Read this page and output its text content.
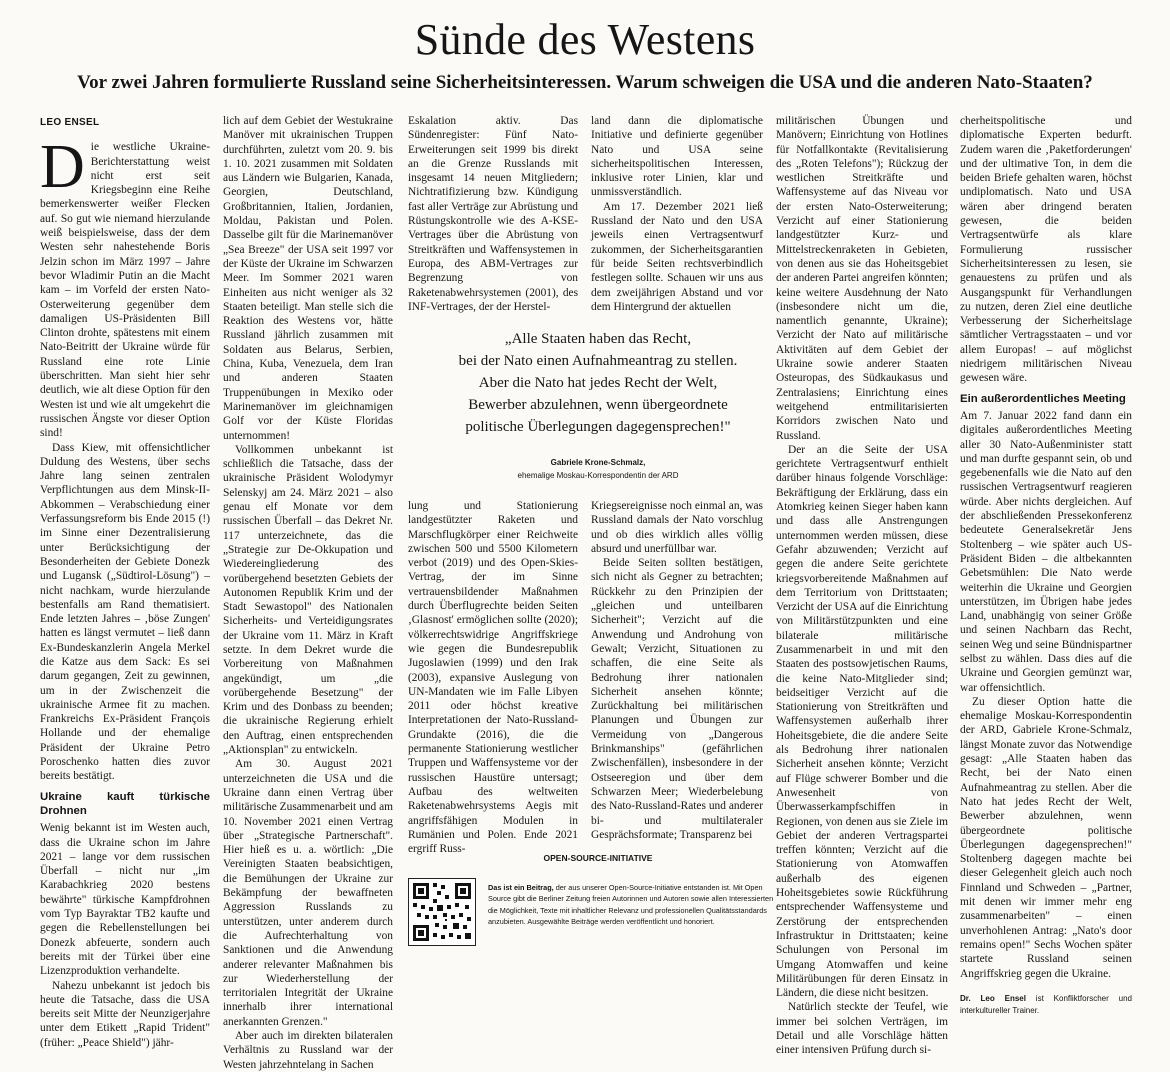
Sünde des Westens
Vor zwei Jahren formulierte Russland seine Sicherheitsinteressen. Warum schweigen die USA und die anderen Nato-Staaten?
LEO ENSEL

Die westliche Ukraine-Berichterstattung weist nicht erst seit Kriegsbeginn eine Reihe bemerkenswerter weißer Flecken auf. So gut wie niemand hierzulande weiß beispielsweise, dass der dem Westen sehr nahestehende Boris Jelzin schon im März 1997 – Jahre bevor Wladimir Putin an die Macht kam – im Vorfeld der ersten Nato-Osterweiterung gegenüber dem damaligen US-Präsidenten Bill Clinton drohte, spätestens mit einem Nato-Beitritt der Ukraine würde für Russland eine rote Linie überschritten. Man sieht hier sehr deutlich, wie alt diese Option für den Westen ist und wie alt umgekehrt die russischen Ängste vor dieser Option sind!

Dass Kiew, mit offensichtlicher Duldung des Westens, über sechs Jahre lang seinen zentralen Verpflichtungen aus dem Minsk-II-Abkommen – Verabschiedung einer Verfassungsreform bis Ende 2015 (!) im Sinne einer Dezentralisierung unter Berücksichtigung der Besonderheiten der Gebiete Donezk und Lugansk („Südtirol-Lösung") – nicht nachkam, wurde hierzulande bestenfalls am Rand thematisiert. Ende letzten Jahres – ‚böse Zungen' hatten es längst vermutet – ließ dann Ex-Bundeskanzlerin Angela Merkel die Katze aus dem Sack: Es sei darum gegangen, Zeit zu gewinnen, um in der Zwischenzeit die ukrainische Armee fit zu machen. Frankreichs Ex-Präsident François Hollande und der ehemalige Präsident der Ukraine Petro Poroschenko hatten dies zuvor bereits bestätigt.

Ukraine kauft türkische Drohnen

Wenig bekannt ist im Westen auch, dass die Ukraine schon im Jahre 2021 – lange vor dem russischen Überfall – nicht nur „im Karabachkrieg 2020 bestens bewährte" türkische Kampfdrohnen vom Typ Bayraktar TB2 kaufte und gegen die Rebellenstellungen bei Donezk abfeuerte, sondern auch bereits mit der Türkei über eine Lizenzproduktion verhandelte.

Nahezu unbekannt ist jedoch bis heute die Tatsache, dass die USA bereits seit Mitte der Neunzigerjahre unter dem Etikett „Rapid Trident" (früher: „Peace Shield") jähr-

lich auf dem Gebiet der Westukraine Manöver mit ukrainischen Truppen durchführten, zuletzt vom 20. 9. bis 1. 10. 2021 zusammen mit Soldaten aus Ländern wie Bulgarien, Kanada, Georgien, Deutschland, Großbritannien, Italien, Jordanien, Moldau, Pakistan und Polen. Dasselbe gilt für die Marinemanöver „Sea Breeze" der USA seit 1997 vor der Küste der Ukraine im Schwarzen Meer. Im Sommer 2021 waren Einheiten aus nicht weniger als 32 Staaten beteiligt. Man stelle sich die Reaktion des Westens vor, hätte Russland jährlich zusammen mit Soldaten aus Belarus, Serbien, China, Kuba, Venezuela, dem Iran und anderen Staaten Truppenübungen in Mexiko oder Marinemanöver im gleichnamigen Golf vor der Küste Floridas unternommen!

Vollkommen unbekannt ist schließlich die Tatsache, dass der ukrainische Präsident Wolodymyr Selenskyj am 24. März 2021 – also genau elf Monate vor dem russischen Überfall – das Dekret Nr. 117 unterzeichnete, das die „Strategie zur De-Okkupation und Wiedereingliederung des vorübergehend besetzten Gebiets der Autonomen Republik Krim und der Stadt Sewastopol" des Nationalen Sicherheits- und Verteidigungsrates der Ukraine vom 11. März in Kraft setzte. In dem Dekret wurde die Vorbereitung von Maßnahmen angekündigt, um „die vorübergehende Besetzung" der Krim und des Donbass zu beenden; die ukrainische Regierung erhielt den Auftrag, einen entsprechenden „Aktionsplan" zu entwickeln.

Am 30. August 2021 unterzeichneten die USA und die Ukraine dann einen Vertrag über militärische Zusammenarbeit und am 10. November 2021 einen Vertrag über „Strategische Partnerschaft". Hier hieß es u. a. wörtlich: „Die Vereinigten Staaten beabsichtigen, die Bemühungen der Ukraine zur Bekämpfung der bewaffneten Aggression Russlands zu unterstützen, unter anderem durch die Aufrechterhaltung von Sanktionen und die Anwendung anderer relevanter Maßnahmen bis zur Wiederherstellung der territorialen Integrität der Ukraine innerhalb ihrer international anerkannten Grenzen."

Aber auch im direkten bilateralen Verhältnis zu Russland war der Westen jahrzehntelang in Sachen

Eskalation aktiv. Das Sündenregister: Fünf Nato-Erweiterungen seit 1999 bis direkt an die Grenze Russlands mit insgesamt 14 neuen Mitgliedern; Nichtratifizierung bzw. Kündigung fast aller Verträge zur Abrüstung und Rüstungskontrolle wie des A-KSE-Vertrages über die Abrüstung von Streitkräften und Waffensystemen in Europa, des ABM-Vertrages zur Begrenzung von Raketenabwehrsystemen (2001), des INF-Vertrages, der der Herstel-

land dann die diplomatische Initiative und definierte gegenüber Nato und USA seine sicherheitspolitischen Interessen, inklusive roter Linien, klar und unmissverständlich.

Am 17. Dezember 2021 ließ Russland der Nato und den USA jeweils einen Vertragsentwurf zukommen, der Sicherheitsgarantien für beide Seiten rechtsverbindlich festlegen sollte. Schauen wir uns aus dem zweijährigen Abstand und vor dem Hintergrund der aktuellen

„Alle Staaten haben das Recht,
bei der Nato einen Aufnahmeantrag zu stellen.
Aber die Nato hat jedes Recht der Welt,
Bewerber abzulehnen, wenn übergeordnete
politische Überlegungen dagegensprechen!"

Gabriele Krone-Schmalz,

ehemalige Moskau-Korrespondentin der ARD

lung und Stationierung landgestützter Raketen und Marschflugkörper einer Reichweite zwischen 500 und 5500 Kilometern verbot (2019) und des Open-Skies-Vertrag, der im Sinne vertrauensbildender Maßnahmen durch Überflugrechte beiden Seiten ‚Glasnost' ermöglichen sollte (2020); völkerrechtswidrige Angriffskriege wie gegen die Bundesrepublik Jugoslawien (1999) und den Irak (2003), expansive Auslegung von UN-Mandaten wie im Falle Libyen 2011 oder höchst kreative Interpretationen der Nato-Russland-Grundakte (2016), die die permanente Stationierung westlicher Truppen und Waffensysteme vor der russischen Haustüre untersagt; Aufbau des weltweiten Raketenabwehrsystems Aegis mit angriffsfähigen Modulen in Rumänien und Polen. Ende 2021 ergriff Russ-

Kriegsereignisse noch einmal an, was Russland damals der Nato vorschlug und ob dies wirklich alles völlig absurd und unerfüllbar war.

Beide Seiten sollten bestätigen, sich nicht als Gegner zu betrachten; Rückkehr zu den Prinzipien der „gleichen und unteilbaren Sicherheit"; Verzicht auf die Anwendung und Androhung von Gewalt; Verzicht, Situationen zu schaffen, die eine Seite als Bedrohung ihrer nationalen Sicherheit ansehen könnte; Zurückhaltung bei militärischen Planungen und Übungen zur Vermeidung von „Dangerous Brinkmanships" (gefährlichen Zwischenfällen), insbesondere in der Ostseeregion und über dem Schwarzen Meer; Wiederbelebung des Nato-Russland-Rates und anderer bi- und multilateraler Gesprächsformate; Transparenz bei

OPEN-SOURCE-INITIATIVE
Das ist ein Beitrag, der aus unserer Open-Source-Initiative entstanden ist. Mit Open Source gibt die Berliner Zeitung freien Autorinnen und Autoren sowie allen Interessierten die Möglichkeit, Texte mit inhaltlicher Relevanz und professionellen Qualitätsstandards anzubieten. Ausgewählte Beiträge werden veröffentlicht und honoriert.

militärischen Übungen und Manövern; Einrichtung von Hotlines für Notfallkontakte (Revitalisierung des „Roten Telefons"); Rückzug der westlichen Streitkräfte und Waffensysteme auf das Niveau vor der ersten Nato-Osterweiterung; Verzicht auf einer Stationierung landgestützter Kurz- und Mittelstreckenraketen in Gebieten, von denen aus sie das Hoheitsgebiet der anderen Partei angreifen könnten; keine weitere Ausdehnung der Nato (insbesondere nicht um die, namentlich genannte, Ukraine); Verzicht der Nato auf militärische Aktivitäten auf dem Gebiet der Ukraine sowie anderer Staaten Osteuropas, des Südkaukasus und Zentralasiens; Einrichtung eines weitgehend entmilitarisierten Korridors zwischen Nato und Russland.

Der an die Seite der USA gerichtete Vertragsentwurf enthielt darüber hinaus folgende Vorschläge: Bekräftigung der Erklärung, dass ein Atomkrieg keinen Sieger haben kann und dass alle Anstrengungen unternommen werden müssen, diese Gefahr abzuwenden; Verzicht auf gegen die andere Seite gerichtete kriegsvorbereitende Maßnahmen auf dem Territorium von Drittstaaten; Verzicht der USA auf die Einrichtung von Militärstützpunkten und eine bilaterale militärische Zusammenarbeit in und mit den Staaten des postsowjetischen Raums, die keine Nato-Mitglieder sind; beidseitiger Verzicht auf die Stationierung von Streitkräften und Waffensystemen außerhalb ihrer Hoheitsgebiete, die die andere Seite als Bedrohung ihrer nationalen Sicherheit ansehen könnte; Verzicht auf Flüge schwerer Bomber und die Anwesenheit von Überwasserkampfschiffen in Regionen, von denen aus sie Ziele im Gebiet der anderen Vertragspartei treffen könnten; Verzicht auf die Stationierung von Atomwaffen außerhalb des eigenen Hoheitsgebietes sowie Rückführung entsprechender Waffensysteme und Zerstörung der entsprechenden Infrastruktur in Drittstaaten; keine Schulungen von Personal im Umgang Atomwaffen und keine Militärübungen für deren Einsatz in Ländern, die diese nicht besitzen.

Natürlich steckte der Teufel, wie immer bei solchen Verträgen, im Detail und alle Vorschläge hätten einer intensiven Prüfung durch si-

cherheitspolitische und diplomatische Experten bedurft. Zudem waren die ‚Paketforderungen' und der ultimative Ton, in dem die beiden Briefe gehalten waren, höchst undiplomatisch. Nato und USA wären aber dringend beraten gewesen, die beiden Vertragsentwürfe als klare Formulierung russischer Sicherheitsinteressen zu lesen, sie genauestens zu prüfen und als Ausgangspunkt für Verhandlungen zu nutzen, deren Ziel eine deutliche Verbesserung der Sicherheitslage sämtlicher Vertragsstaaten – und vor allem Europas! – auf möglichst niedrigem militärischen Niveau gewesen wäre.

Ein außerordentliches Meeting

Am 7. Januar 2022 fand dann ein digitales außerordentliches Meeting aller 30 Nato-Außenminister statt und man durfte gespannt sein, ob und gegebenenfalls wie die Nato auf den russischen Vertragsentwurf reagieren würde. Aber nichts dergleichen. Auf der abschließenden Pressekonferenz bedeutete Generalsekretär Jens Stoltenberg – wie später auch US-Präsident Biden – die altbekannten Gebetsmühlen: Die Nato werde weiterhin die Ukraine und Georgien unterstützen, im Übrigen habe jedes Land, unabhängig von seiner Größe und seinen Nachbarn das Recht, seinen Weg und seine Bündnispartner selbst zu wählen. Dass dies auf die Ukraine und Georgien gemünzt war, war offensichtlich.

Zu dieser Option hatte die ehemalige Moskau-Korrespondentin der ARD, Gabriele Krone-Schmalz, längst Monate zuvor das Notwendige gesagt: „Alle Staaten haben das Recht, bei der Nato einen Aufnahmeantrag zu stellen. Aber die Nato hat jedes Recht der Welt, Bewerber abzulehnen, wenn übergeordnete politische Überlegungen dagegensprechen!" Stoltenberg dagegen machte bei dieser Gelegenheit gleich auch noch Finnland und Schweden – „Partner, mit denen wir immer mehr eng zusammenarbeiten" – einen unverhohlenen Antrag: „Nato's door remains open!" Sechs Wochen später startete Russland seinen Angriffskrieg gegen die Ukraine.

Dr. Leo Ensel ist Konfliktforscher und interkultureller Trainer.
